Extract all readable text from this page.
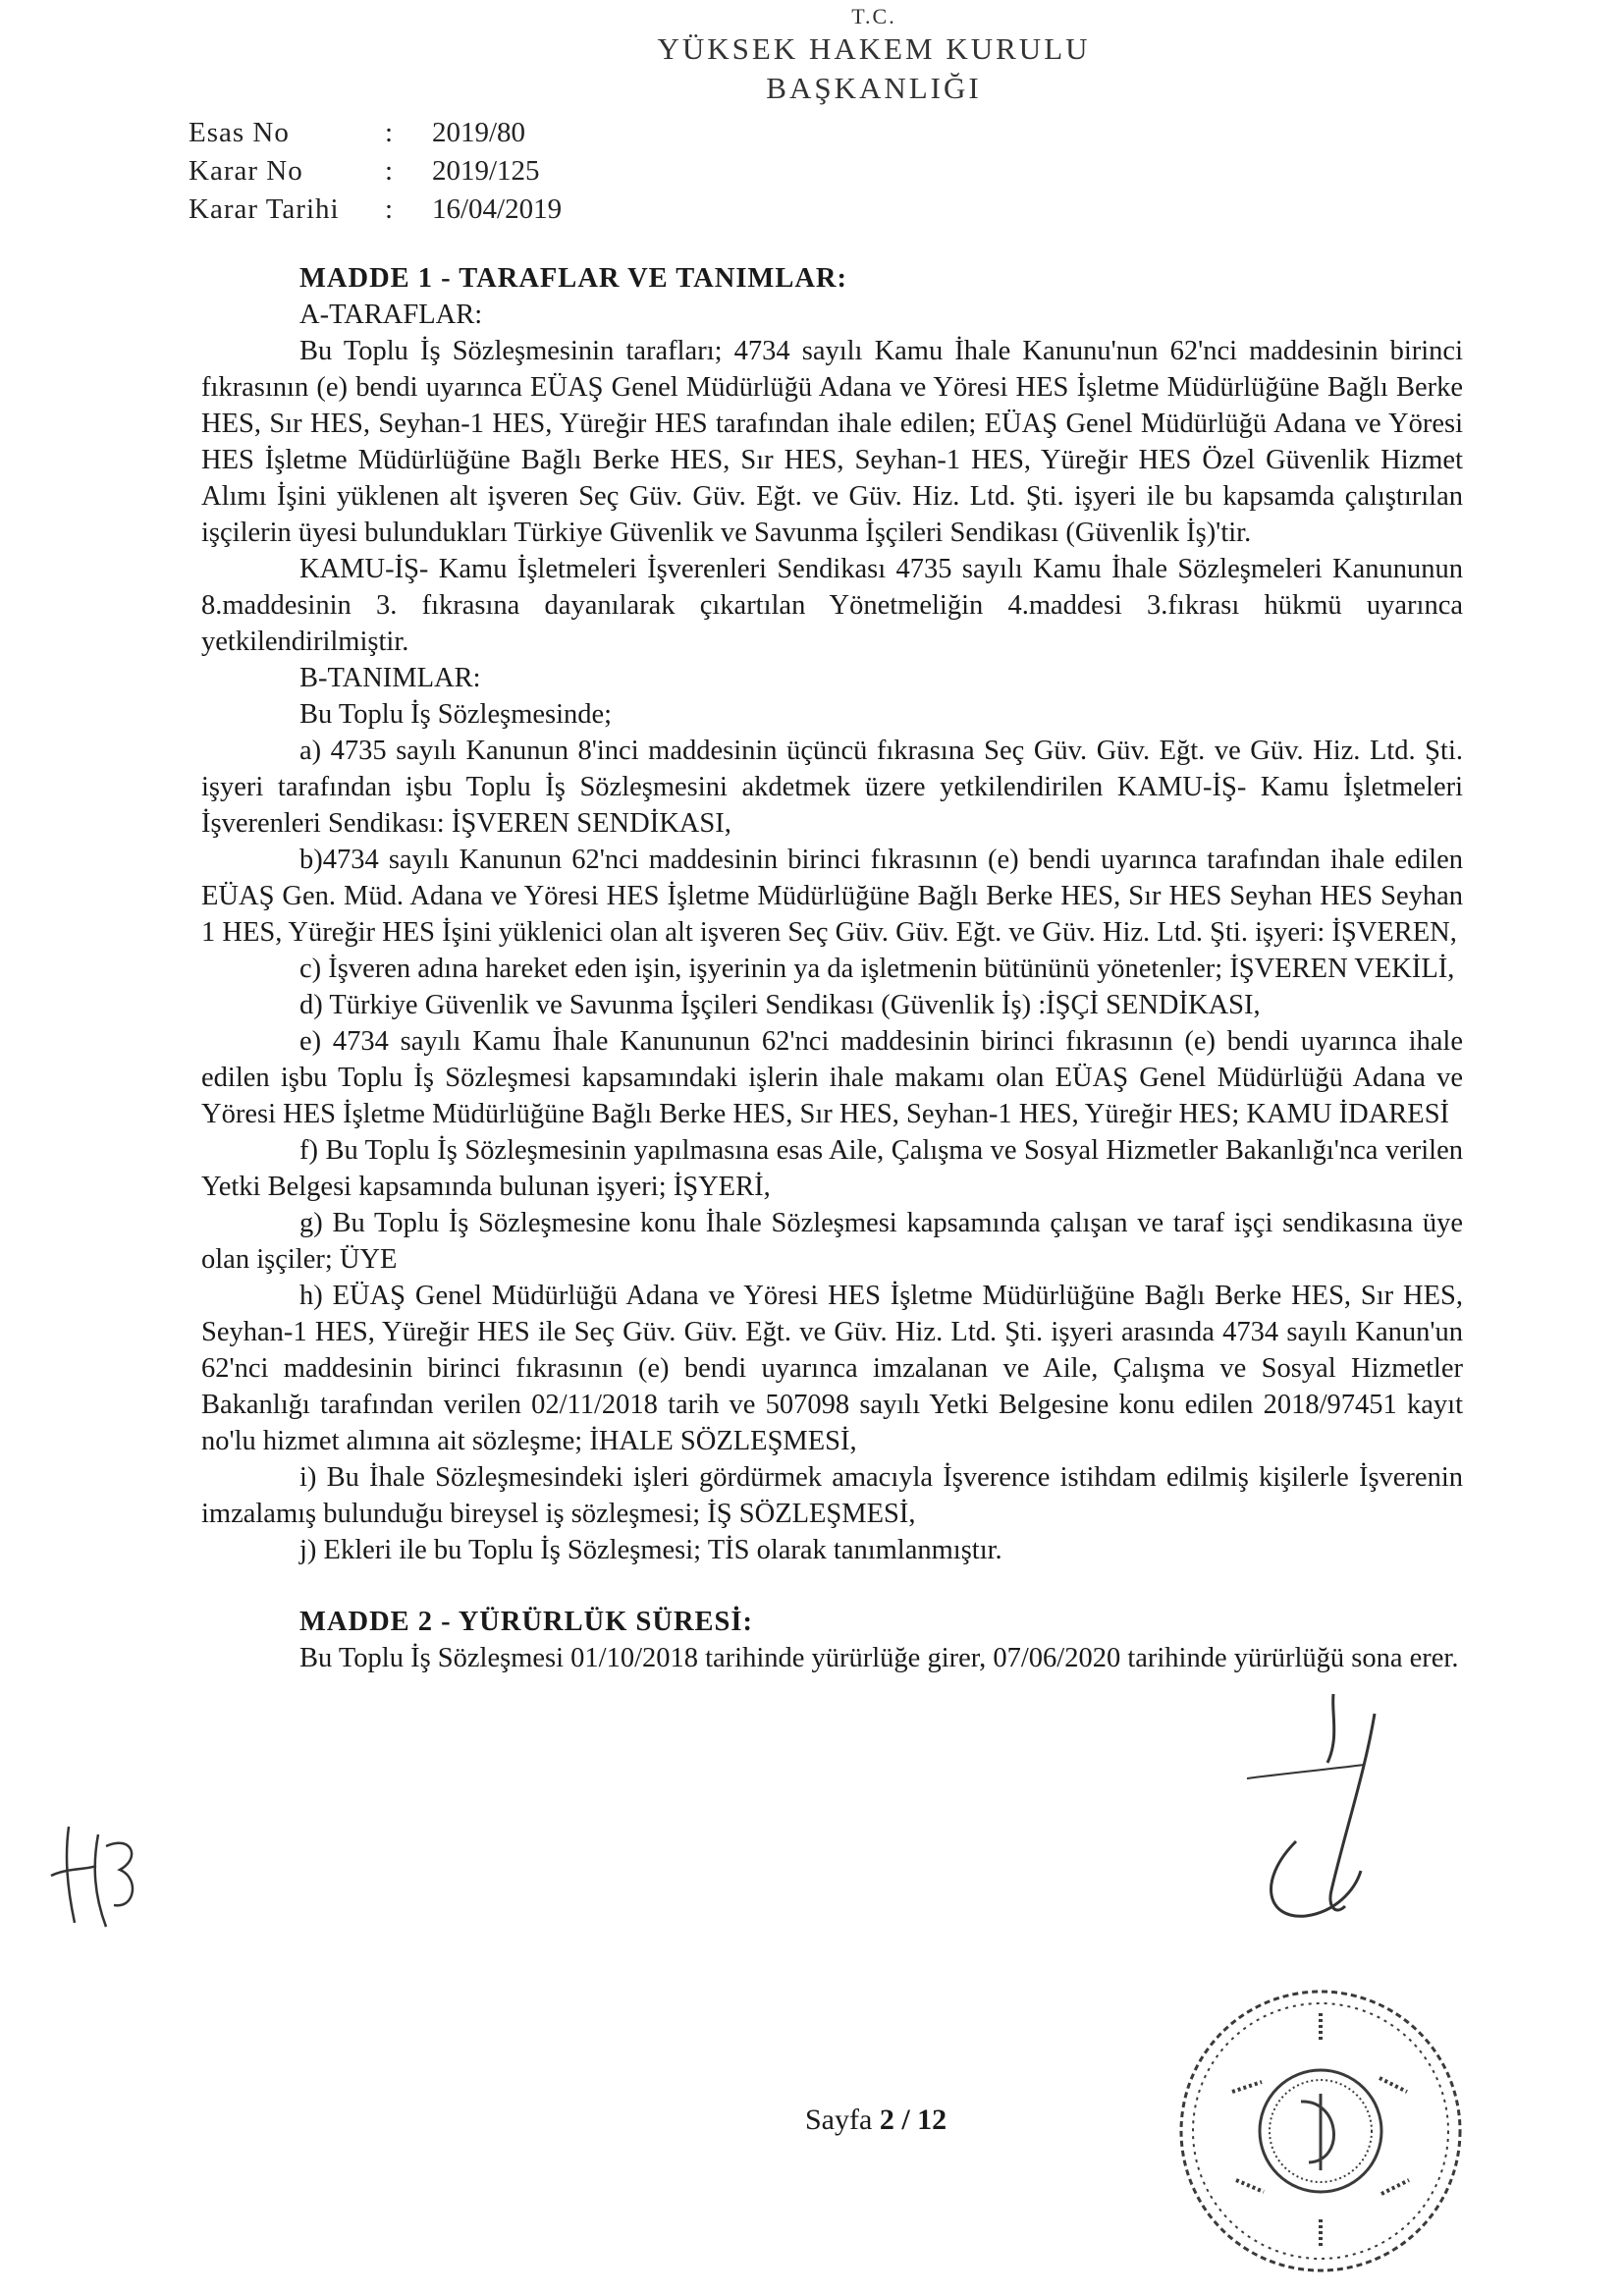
T.C.
YÜKSEK HAKEM KURULU
BAŞKANLIĞI
Esas No	: 2019/80
Karar No	: 2019/125
Karar Tarihi : 16/04/2019

MADDE 1 - TARAFLAR VE TANIMLAR:

A-TARAFLAR:

Bu Toplu İş Sözleşmesinin tarafları; 4734 sayılı Kamu İhale Kanunu'nun 62'nci maddesinin birinci fıkrasının (e) bendi uyarınca EÜAŞ Genel Müdürlüğü Adana ve Yöresi HES İşletme Müdürlüğüne Bağlı Berke HES, Sır HES, Seyhan-1 HES, Yüreğir HES tarafından ihale edilen; EÜAŞ Genel Müdürlüğü Adana ve Yöresi HES İşletme Müdürlüğüne Bağlı Berke HES, Sır HES, Seyhan-1 HES, Yüreğir HES Özel Güvenlik Hizmet Alımı İşini yüklenen alt işveren Seç Güv. Güv. Eğt. ve Güv. Hiz. Ltd. Şti. işyeri ile bu kapsamda çalıştırılan işçilerin üyesi bulundukları Türkiye Güvenlik ve Savunma İşçileri Sendikası (Güvenlik İş)'tir.

KAMU-İŞ- Kamu İşletmeleri İşverenleri Sendikası 4735 sayılı Kamu İhale Sözleşmeleri Kanununun 8.maddesinin 3. fıkrasına dayanılarak çıkartılan Yönetmeliğin 4.maddesi 3.fıkrası hükmü uyarınca yetkilendirilmiştir.

B-TANIMLAR:

Bu Toplu İş Sözleşmesinde;

a) 4735 sayılı Kanunun 8'inci maddesinin üçüncü fıkrasına Seç Güv. Güv. Eğt. ve Güv. Hiz. Ltd. Şti. işyeri tarafından işbu Toplu İş Sözleşmesini akdetmek üzere yetkilendirilen KAMU-İŞ- Kamu İşletmeleri İşverenleri Sendikası: İŞVEREN SENDİKASI,

b)4734 sayılı Kanunun 62'nci maddesinin birinci fıkrasının (e) bendi uyarınca tarafından ihale edilen EÜAŞ Gen. Müd. Adana ve Yöresi HES İşletme Müdürlüğüne Bağlı Berke HES, Sır HES Seyhan HES Seyhan 1 HES, Yüreğir HES İşini yüklenici olan alt işveren Seç Güv. Güv. Eğt. ve Güv. Hiz. Ltd. Şti. işyeri: İŞVEREN,

c) İşveren adına hareket eden işin, işyerinin ya da işletmenin bütününü yönetenler; İŞVEREN VEKİLİ,

d) Türkiye Güvenlik ve Savunma İşçileri Sendikası (Güvenlik İş) :İŞÇİ SENDİKASI,

e) 4734 sayılı Kamu İhale Kanununun 62'nci maddesinin birinci fıkrasının (e) bendi uyarınca ihale edilen işbu Toplu İş Sözleşmesi kapsamındaki işlerin ihale makamı olan EÜAŞ Genel Müdürlüğü Adana ve Yöresi HES İşletme Müdürlüğüne Bağlı Berke HES, Sır HES, Seyhan-1 HES, Yüreğir HES; KAMU İDARESİ

f) Bu Toplu İş Sözleşmesinin yapılmasına esas Aile, Çalışma ve Sosyal Hizmetler Bakanlığı'nca verilen Yetki Belgesi kapsamında bulunan işyeri; İŞYERİ,

g) Bu Toplu İş Sözleşmesine konu İhale Sözleşmesi kapsamında çalışan ve taraf işçi sendikasına üye olan işçiler; ÜYE

h) EÜAŞ Genel Müdürlüğü Adana ve Yöresi HES İşletme Müdürlüğüne Bağlı Berke HES, Sır HES, Seyhan-1 HES, Yüreğir HES ile Seç Güv. Güv. Eğt. ve Güv. Hiz. Ltd. Şti. işyeri arasında 4734 sayılı Kanun'un 62'nci maddesinin birinci fıkrasının (e) bendi uyarınca imzalanan ve Aile, Çalışma ve Sosyal Hizmetler Bakanlığı tarafından verilen 02/11/2018 tarih ve 507098 sayılı Yetki Belgesine konu edilen 2018/97451 kayıt no'lu hizmet alımına ait sözleşme; İHALE SÖZLEŞMESİ,

i) Bu İhale Sözleşmesindeki işleri gördürmek amacıyla İşverence istihdam edilmiş kişilerle İşverenin imzalamış bulunduğu bireysel iş sözleşmesi; İŞ SÖZLEŞMESİ,

j) Ekleri ile bu Toplu İş Sözleşmesi; TİS olarak tanımlanmıştır.

MADDE 2 - YÜRÜRLÜK SÜRESİ:

Bu Toplu İş Sözleşmesi 01/10/2018 tarihinde yürürlüğe girer, 07/06/2020 tarihinde yürürlüğü sona erer.

Sayfa 2 / 12
